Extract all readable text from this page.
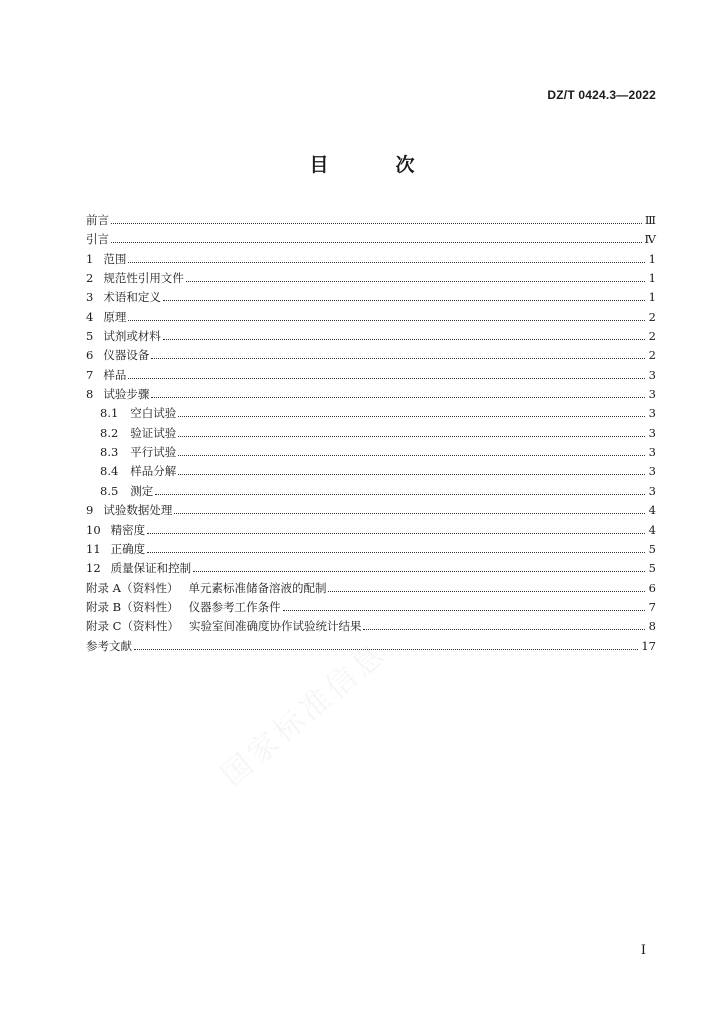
DZ/T 0424.3—2022
目　次
前言	Ⅲ
引言	Ⅳ
1 范围	1
2 规范性引用文件	1
3 术语和定义	1
4 原理	2
5 试剂或材料	2
6 仪器设备	2
7 样品	3
8 试验步骤	3
8.1 空白试验	3
8.2 验证试验	3
8.3 平行试验	3
8.4 样品分解	3
8.5 测定	3
9 试验数据处理	4
10 精密度	4
11 正确度	5
12 质量保证和控制	5
附录 A（资料性） 单元素标准储备溶液的配制	6
附录 B（资料性） 仪器参考工作条件	7
附录 C（资料性） 实验室间准确度协作试验统计结果	8
参考文献	17
国家标准信息
Ⅰ
